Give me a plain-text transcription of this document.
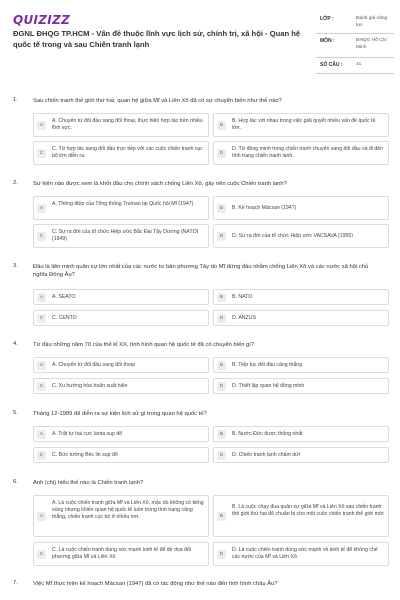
QUIZIZZ
ĐGNL ĐHQG TP.HCM - Vấn đề thuộc lĩnh vực lịch sử, chính trị, xã hội - Quan hệ quốc tế trong và sau Chiến tranh lạnh
LỚP :	Đánh giá năng lực
MÔN :	ĐHQG Hồ Chí Minh
SỐ CÂU :	41
1.	Sau chiến tranh thế giới thứ hai, quan hệ giữa Mĩ và Liên Xô đã có sự chuyển biến như thế nào?
A
A. Chuyển từ đối đầu sang đối thoại, thực hiện hợp tác trên nhiều lĩnh vực.	B
B. Hợp tác với nhau trong việc giải quyết nhiều vấn đề quốc tế lớn.
C
C. Từ hợp tác sang đối đầu trực tiếp với các cuộc chiến tranh cục bộ lớn diễn ra.	D
D. Từ đồng minh trong chiến tranh chuyển sang đối đầu và đi đến tình trạng chiến tranh lạnh.
2.	Sự kiện nào được xem là khởi đầu cho chính sách chống Liên Xô, gây nên cuộc Chiến tranh lạnh?
A
A. Thông điệp của Tổng thống Truman tại Quốc hội Mĩ (1947)
B	B. Kế hoạch Mácsan (1947)
C
C. Sự ra đời của tổ chức Hiệp ước Bắc Đại Tây Dương (NATO) (1949)	D	D. Sự ra đời của tổ chức Hiệp ước VACSAVA (1955)
3.	Đâu là liên minh quân sự lớn nhất của các nước tư bản phương Tây do Mĩ đứng đầu nhằm chống Liên Xô và các nước xã hội chủ nghĩa Đông Âu?
A	A. SEATO	B	B. NATO
C	C. CENTO	D	D. ANZUS
4.	Từ đầu những năm 70 của thế kỉ XX, tình hình quan hệ quốc tế đã có chuyển biến gì?
A	A. Chuyển từ đối đầu sang đối thoại	B	B. Tiếp tục đối đầu căng thẳng
C	C. Xu hướng hòa hoãn xuất hiện	D	D. Thiết lập quan hệ đồng minh
5.	Tháng 12-1989 đã diễn ra sự kiện lịch sử gì trong quan hệ quốc tế?
A	A. Trật tự hai cực Ianta sụp đổ	B	B. Nước Đức được thống nhất
C	C. Bức tường Béc lin sụp đổ	D	D. Chiến tranh lạnh chấm dứt
6.	Anh (chị) hiểu thế nào là Chiến tranh lạnh?
A
A. Là cuộc chiến tranh giữa Mĩ và Liên Xô, mặc dù không có tiếng súng nhưng khiến quan hệ quốc tế luôn trong tình trạng căng thẳng, chiến tranh cục bộ ở nhiều nơi.	B
B. Là cuộc chạy đua quân sự giữa Mĩ và Liên Xô sau chiến tranh thế giới thứ hai để chuẩn bị cho một cuộc chiến tranh thế giới mới
C
C. Là cuộc chiến tranh dùng sức mạnh kinh tế để đe dọa đối phương giữa Mĩ và Liên Xô	D
D. Là cuộc chiến tranh dùng sức mạnh về kinh tế để khống chế các nước của Mĩ và Liên Xô
7.	Việc Mĩ thực hiện kế hoạch Mácsan (1947) đã có tác động như thế nào đến tình hình châu Âu?
